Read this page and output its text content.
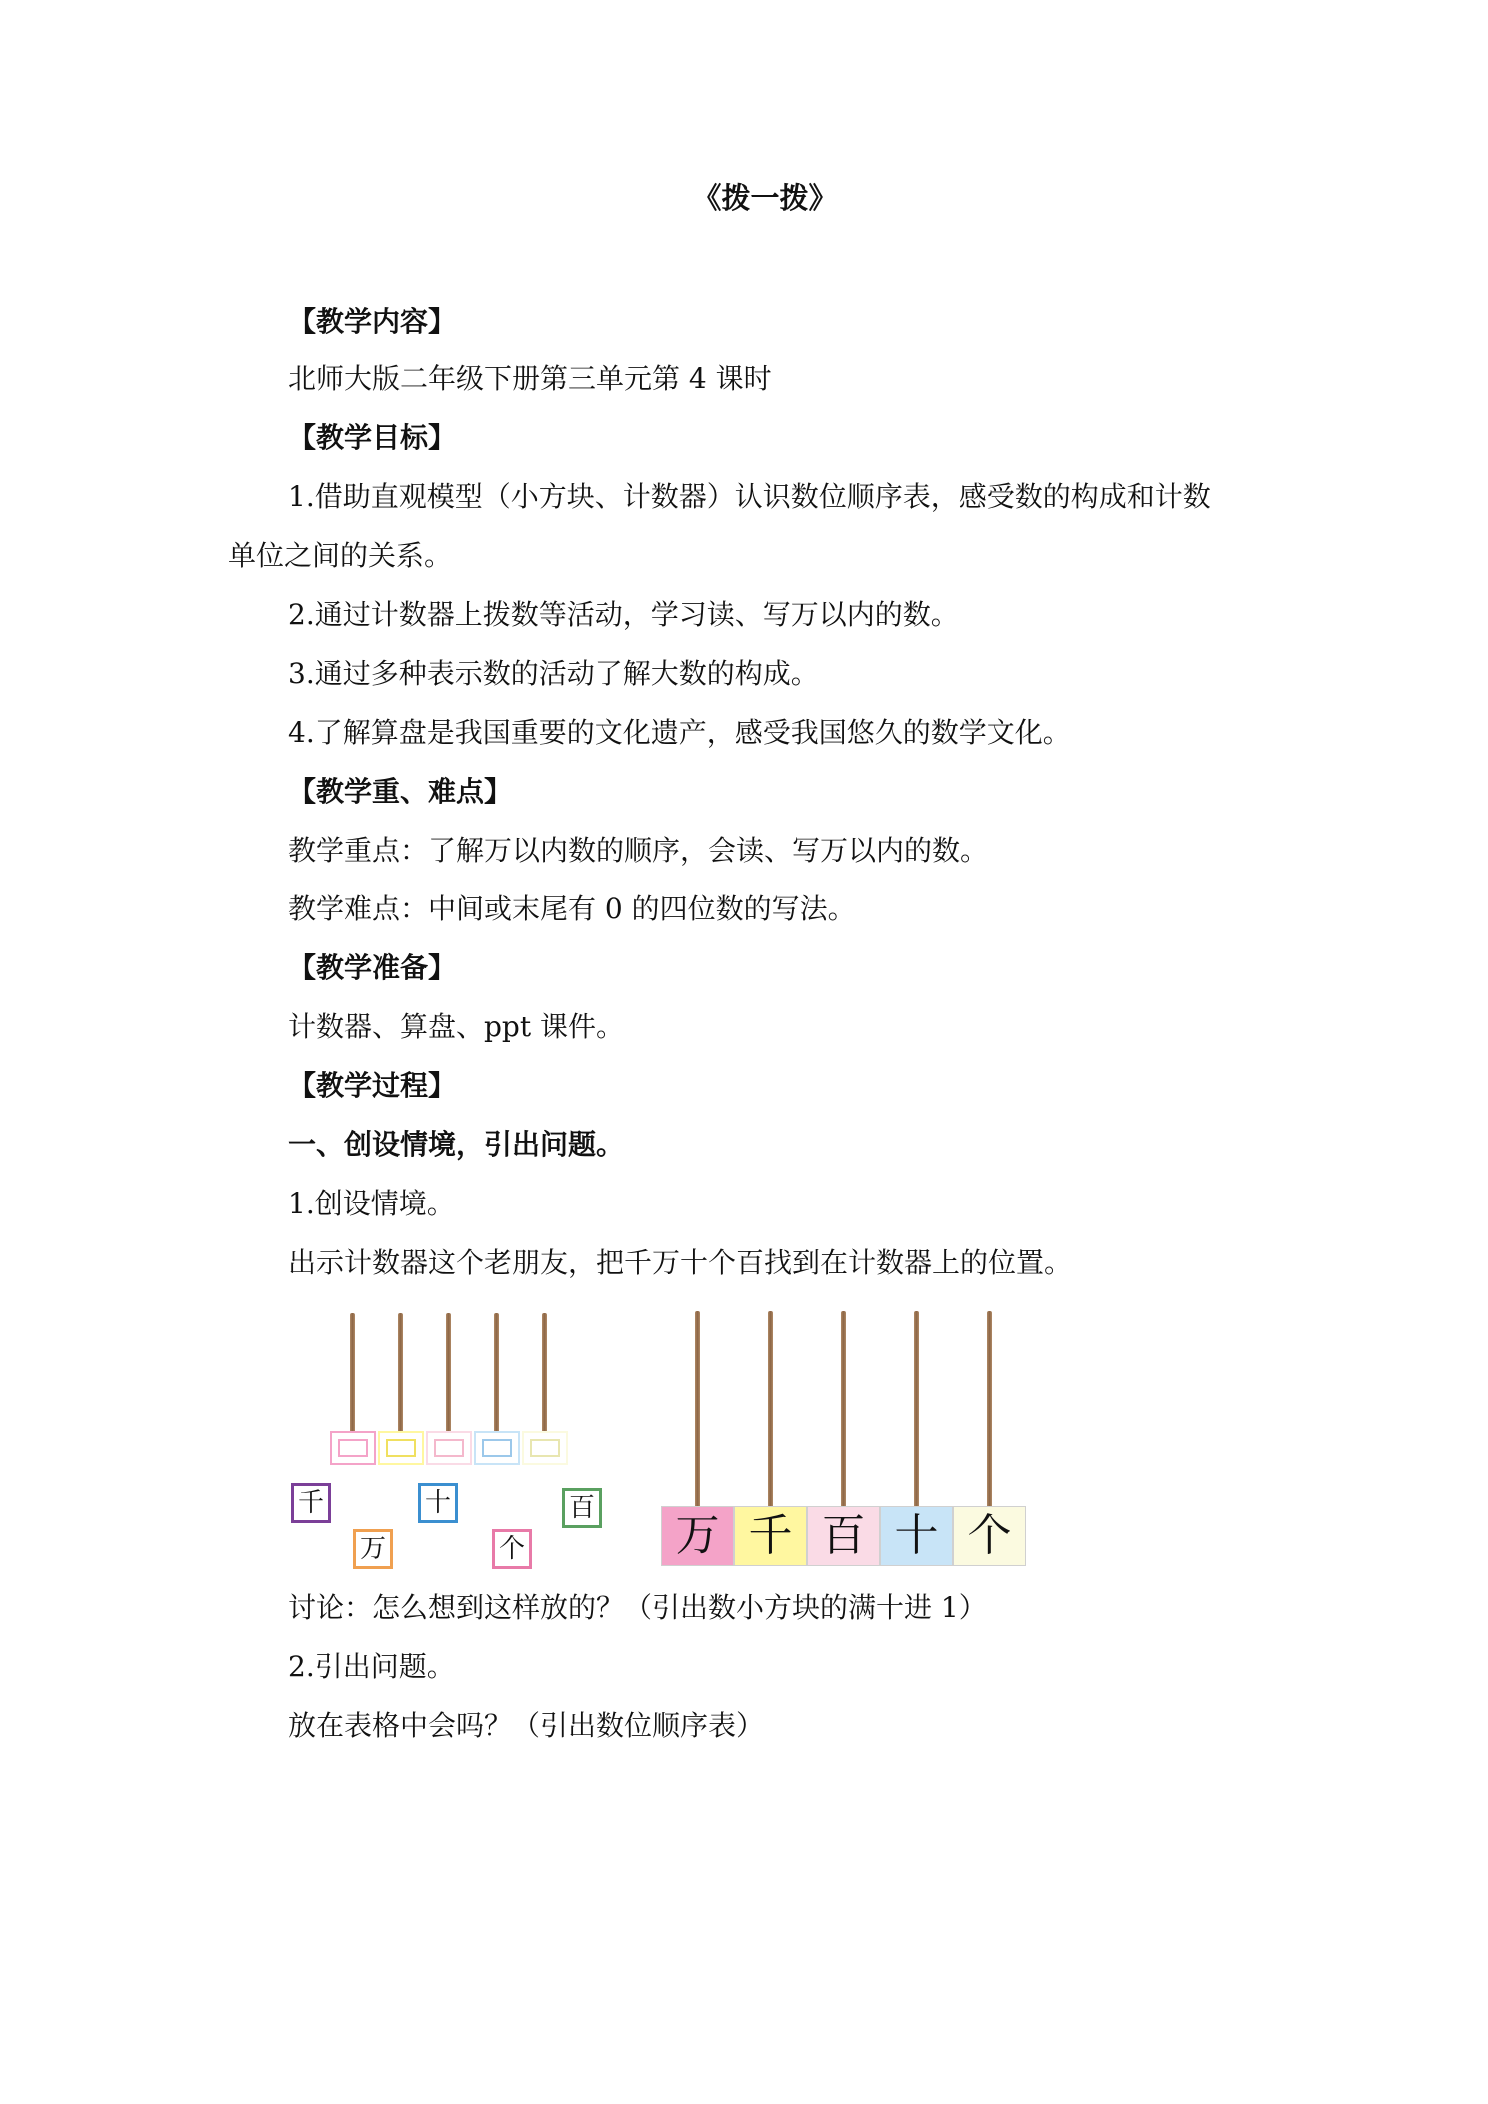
《拨一拨》
【教学内容】
北师大版二年级下册第三单元第 4 课时
【教学目标】
1.借助直观模型（小方块、计数器）认识数位顺序表，感受数的构成和计数
单位之间的关系。
2.通过计数器上拨数等活动，学习读、写万以内的数。
3.通过多种表示数的活动了解大数的构成。
4.了解算盘是我国重要的文化遗产，感受我国悠久的数学文化。
【教学重、难点】
教学重点：了解万以内数的顺序，会读、写万以内的数。
教学难点：中间或末尾有 0 的四位数的写法。
【教学准备】
计数器、算盘、ppt 课件。
【教学过程】
一、创设情境，引出问题。
1.创设情境。
出示计数器这个老朋友，把千万十个百找到在计数器上的位置。
千
万
十
个
百
万 千 百 十 个
讨论：怎么想到这样放的？（引出数小方块的满十进 1）
2.引出问题。
放在表格中会吗？（引出数位顺序表）
